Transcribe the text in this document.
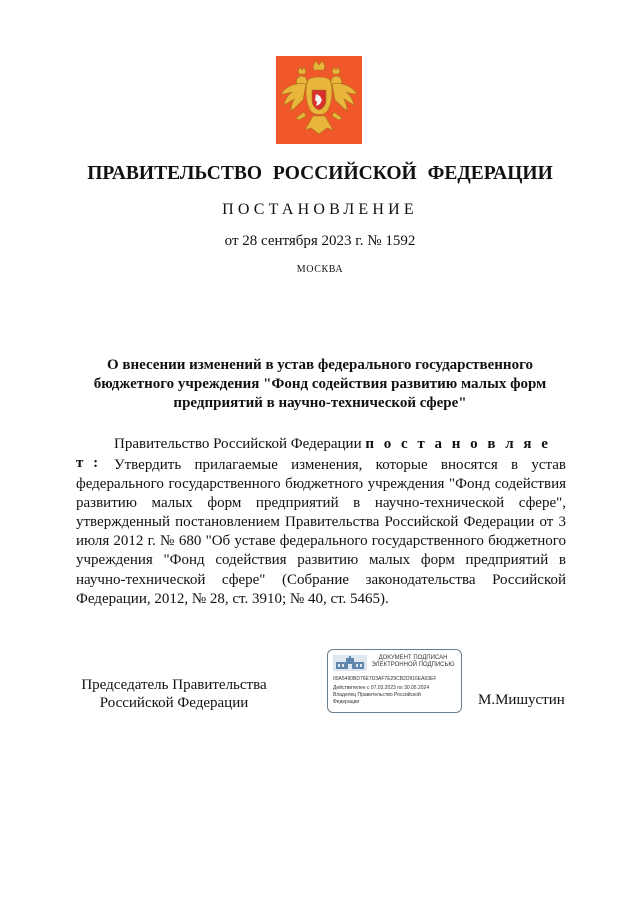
ПРАВИТЕЛЬСТВО РОССИЙСКОЙ ФЕДЕРАЦИИ
ПОСТАНОВЛЕНИЕ
от 28 сентября 2023 г. № 1592
МОСКВА
О внесении изменений в устав федерального государственного бюджетного учреждения "Фонд содействия развитию малых форм предприятий в научно-технической сфере"
Правительство Российской Федерации п о с т а н о в л я е т : Утвердить прилагаемые изменения, которые вносятся в устав федерального государственного бюджетного учреждения "Фонд содействия развитию малых форм предприятий в научно-технической сфере", утвержденный постановлением Правительства Российской Федерации от 3 июля 2012 г. № 680 "Об уставе федерального государственного бюджетного учреждения "Фонд содействия развитию малых форм предприятий в научно-технической сфере" (Собрание законодательства Российской Федерации, 2012, № 28, ст. 3910; № 40, ст. 5465).
Председатель Правительства
Российской Федерации
ДОКУМЕНТ ПОДПИСАН
ЭЛЕКТРОННОЙ ПОДПИСЬЮ
00A5490BD76E7D3AF7E29CB2D916EA03EF
Действителен с 07.03.2023 по 30.05.2024
Владелец Правительство Российской
Федерации	М.Мишустин
